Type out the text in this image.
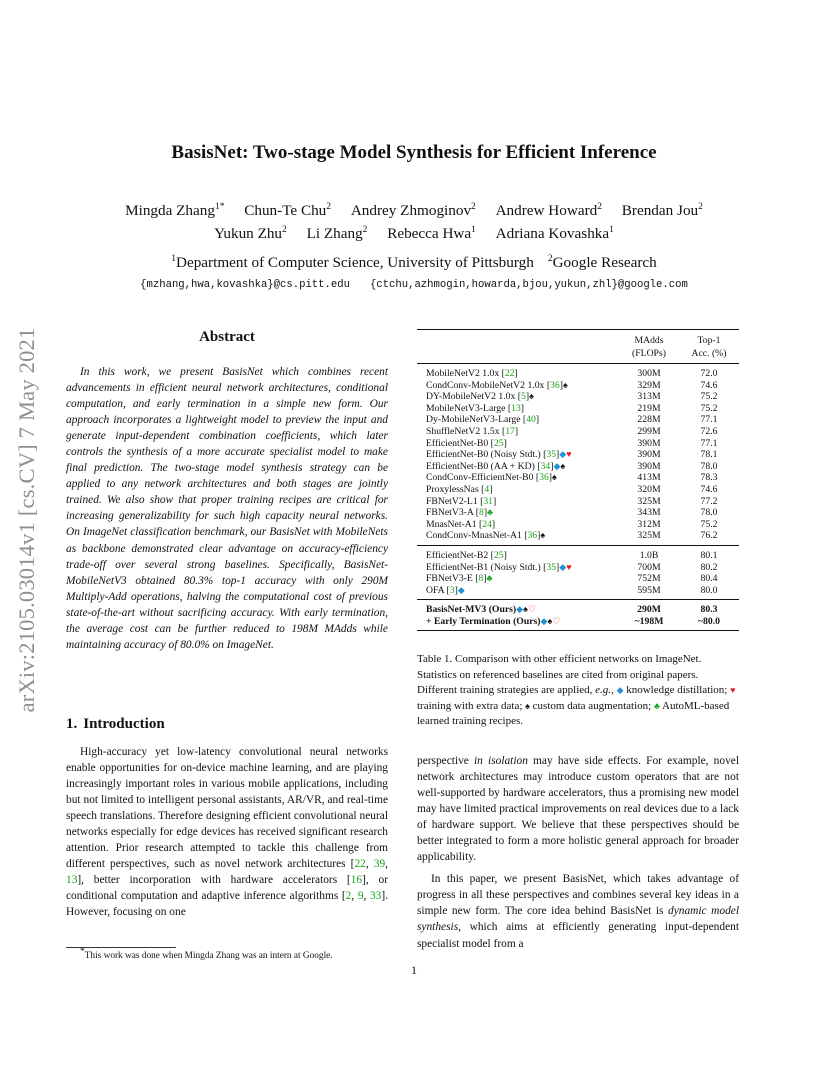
arXiv:2105.03014v1 [cs.CV] 7 May 2021
BasisNet: Two-stage Model Synthesis for Efficient Inference
Mingda Zhang$^{1*}$ Chun-Te Chu$^2$ Andrey Zhmoginov$^2$ Andrew Howard$^2$ Brendan Jou$^2$
Yukun Zhu$^2$ Li Zhang$^2$ Rebecca Hwa$^1$ Adriana Kovashka$^1$
$^1$Department of Computer Science, University of Pittsburgh $^2$Google Research
{mzhang,hwa,kovashka}@cs.pitt.edu {ctchu,azhmogin,howarda,bjou,yukun,zhl}@google.com
Abstract
In this work, we present BasisNet which combines recent advancements in efficient neural network architectures, conditional computation, and early termination in a simple new form. Our approach incorporates a lightweight model to preview the input and generate input-dependent combination coefficients, which later controls the synthesis of a more accurate specialist model to make final prediction. The two-stage model synthesis strategy can be applied to any network architectures and both stages are jointly trained. We also show that proper training recipes are critical for increasing generalizability for such high capacity neural networks. On ImageNet classification benchmark, our BasisNet with MobileNets as backbone demonstrated clear advantage on accuracy-efficiency trade-off over several strong baselines. Specifically, BasisNet-MobileNetV3 obtained 80.3% top-1 accuracy with only 290M Multiply-Add operations, halving the computational cost of previous state-of-the-art without sacrificing accuracy. With early termination, the average cost can be further reduced to 198M MAdds while maintaining accuracy of 80.0% on ImageNet.
1. Introduction

High-accuracy yet low-latency convolutional neural networks enable opportunities for on-device machine learning, and are playing increasingly important roles in various mobile applications, including but not limited to intelligent personal assistants, AR/VR, and real-time speech translations. Therefore designing efficient convolutional neural networks especially for edge devices has received significant research attention. Prior research attempted to tackle this challenge from different perspectives, such as novel network architectures [22, 39, 13], better incorporation with hardware accelerators [16], or conditional computation and adaptive inference algorithms [2, 9, 33]. However, focusing on one

*This work was done when Mingda Zhang was an intern at Google.
	MAdds	Top-1
	(FLOPs)	Acc. (%)
MobileNetV2 1.0x [22]	300M	72.0
CondConv-MobileNetV2 1.0x [36]♠	329M	74.6
DY-MobileNetV2 1.0x [5]♠	313M	75.2
MobileNetV3-Large [13]	219M	75.2
Dy-MobileNetV3-Large [40]	228M	77.1
ShuffleNetV2 1.5x [17]	299M	72.6
EfficientNet-B0 [25]	390M	77.1
EfficientNet-B0 (Noisy Stdt.) [35]◆♥	390M	78.1
EfficientNet-B0 (AA + KD) [34]◆♠	390M	78.0
CondConv-EfficientNet-B0 [36]♠	413M	78.3
ProxylessNas [4]	320M	74.6
FBNetV2-L1 [31]	325M	77.2
FBNetV3-A [8]♣	343M	78.0
MnasNet-A1 [24]	312M	75.2
CondConv-MnasNet-A1 [36]♠	325M	76.2
EfficientNet-B2 [25]	1.0B	80.1
EfficientNet-B1 (Noisy Stdt.) [35]◆♥	700M	80.2
FBNetV3-E [8]♣	752M	80.4
OFA [3]◆	595M	80.0
BasisNet-MV3 (Ours)◆♠♡	290M	80.3
+ Early Termination (Ours)◆♠♡	~198M	~80.0
Table 1. Comparison with other efficient networks on ImageNet. Statistics on referenced baselines are cited from original papers. Different training strategies are applied, e.g., ◆ knowledge distillation; ♥ training with extra data; ♠ custom data augmentation; ♣ AutoML-based learned training recipes.

perspective in isolation may have side effects. For example, novel network architectures may introduce custom operators that are not well-supported by hardware accelerators, thus a promising new model may have limited practical improvements on real devices due to a lack of hardware support. We believe that these perspectives should be better integrated to form a more holistic general approach for broader applicability.

In this paper, we present BasisNet, which takes advantage of progress in all these perspectives and combines several key ideas in a simple new form. The core idea behind BasisNet is dynamic model synthesis, which aims at efficiently generating input-dependent specialist model from a

1
